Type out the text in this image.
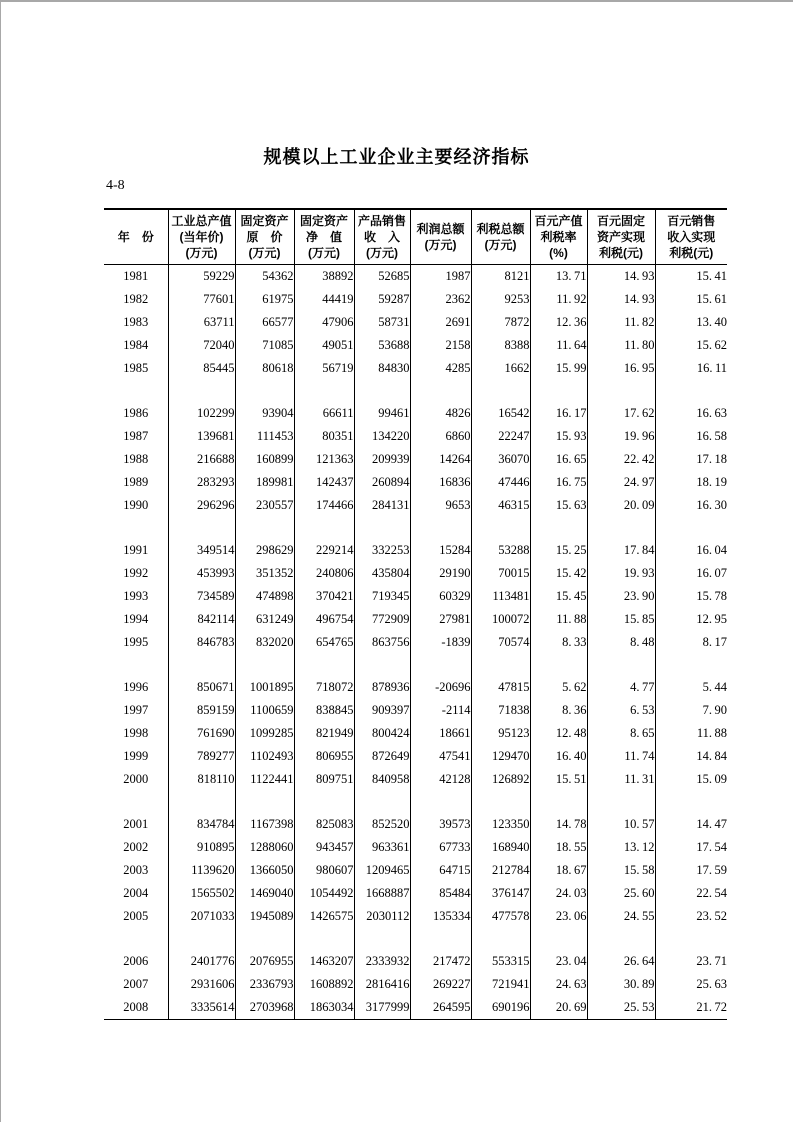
规模以上工业企业主要经济指标
4-8
年　份

工业总产值
(当年价)
(万元)

固定资产
原　价
(万元)

固定资产
净　值
(万元)

产品销售
收　入
(万元)

利润总额
(万元)

利税总额
(万元)

百元产值
利税率
(%)

百元固定
资产实现
利税(元)

百元销售
收入实现
利税(元)

1981	59229	54362	38892	52685	1987	8121	13. 71	14. 93	15. 41
1982	77601	61975	44419	59287	2362	9253	11. 92	14. 93	15. 61
1983	63711	66577	47906	58731	2691	7872	12. 36	11. 82	13. 40
1984	72040	71085	49051	53688	2158	8388	11. 64	11. 80	15. 62
1985	85445	80618	56719	84830	4285	1662	15. 99	16. 95	16. 11

1986	102299	93904	66611	99461	4826	16542	16. 17	17. 62	16. 63
1987	139681	111453	80351	134220	6860	22247	15. 93	19. 96	16. 58
1988	216688	160899	121363	209939	14264	36070	16. 65	22. 42	17. 18
1989	283293	189981	142437	260894	16836	47446	16. 75	24. 97	18. 19
1990	296296	230557	174466	284131	9653	46315	15. 63	20. 09	16. 30

1991	349514	298629	229214	332253	15284	53288	15. 25	17. 84	16. 04
1992	453993	351352	240806	435804	29190	70015	15. 42	19. 93	16. 07
1993	734589	474898	370421	719345	60329	113481	15. 45	23. 90	15. 78
1994	842114	631249	496754	772909	27981	100072	11. 88	15. 85	12. 95
1995	846783	832020	654765	863756	-1839	70574	8. 33	8. 48	8. 17

1996	850671	1001895	718072	878936	-20696	47815	5. 62	4. 77	5. 44
1997	859159	1100659	838845	909397	-2114	71838	8. 36	6. 53	7. 90
1998	761690	1099285	821949	800424	18661	95123	12. 48	8. 65	11. 88
1999	789277	1102493	806955	872649	47541	129470	16. 40	11. 74	14. 84
2000	818110	1122441	809751	840958	42128	126892	15. 51	11. 31	15. 09

2001	834784	1167398	825083	852520	39573	123350	14. 78	10. 57	14. 47
2002	910895	1288060	943457	963361	67733	168940	18. 55	13. 12	17. 54
2003	1139620	1366050	980607	1209465	64715	212784	18. 67	15. 58	17. 59
2004	1565502	1469040	1054492	1668887	85484	376147	24. 03	25. 60	22. 54
2005	2071033	1945089	1426575	2030112	135334	477578	23. 06	24. 55	23. 52

2006	2401776	2076955	1463207	2333932	217472	553315	23. 04	26. 64	23. 71
2007	2931606	2336793	1608892	2816416	269227	721941	24. 63	30. 89	25. 63
2008	3335614	2703968	1863034	3177999	264595	690196	20. 69	25. 53	21. 72
